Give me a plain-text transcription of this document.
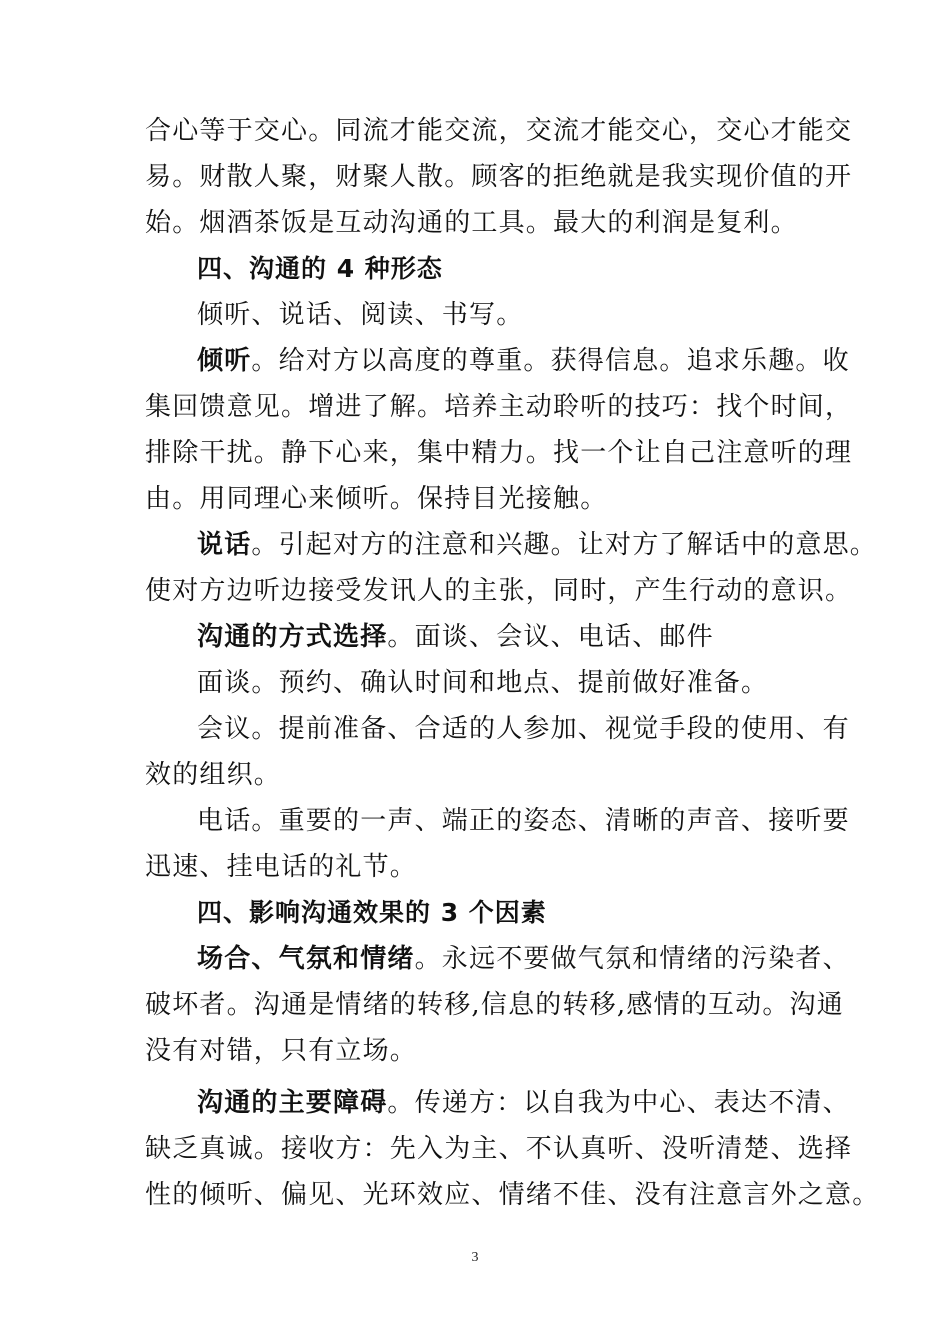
合心等于交心。同流才能交流，交流才能交心，交心才能交
易。财散人聚，财聚人散。顾客的拒绝就是我实现价值的开
始。烟酒茶饭是互动沟通的工具。最大的利润是复利。
四、沟通的 4 种形态
倾听、说话、阅读、书写。
倾听。给对方以高度的尊重。获得信息。追求乐趣。收
集回馈意见。增进了解。培养主动聆听的技巧：找个时间，
排除干扰。静下心来，集中精力。找一个让自己注意听的理
由。用同理心来倾听。保持目光接触。
说话。引起对方的注意和兴趣。让对方了解话中的意思。
使对方边听边接受发讯人的主张，同时，产生行动的意识。
沟通的方式选择。面谈、会议、电话、邮件
面谈。预约、确认时间和地点、提前做好准备。
会议。提前准备、合适的人参加、视觉手段的使用、有
效的组织。
电话。重要的一声、端正的姿态、清晰的声音、接听要
迅速、挂电话的礼节。
四、影响沟通效果的 3 个因素
场合、气氛和情绪。永远不要做气氛和情绪的污染者、
破坏者。沟通是情绪的转移,信息的转移,感情的互动。沟通
没有对错，只有立场。
沟通的主要障碍。传递方：以自我为中心、表达不清、
缺乏真诚。接收方：先入为主、不认真听、没听清楚、选择
性的倾听、偏见、光环效应、情绪不佳、没有注意言外之意。
3
